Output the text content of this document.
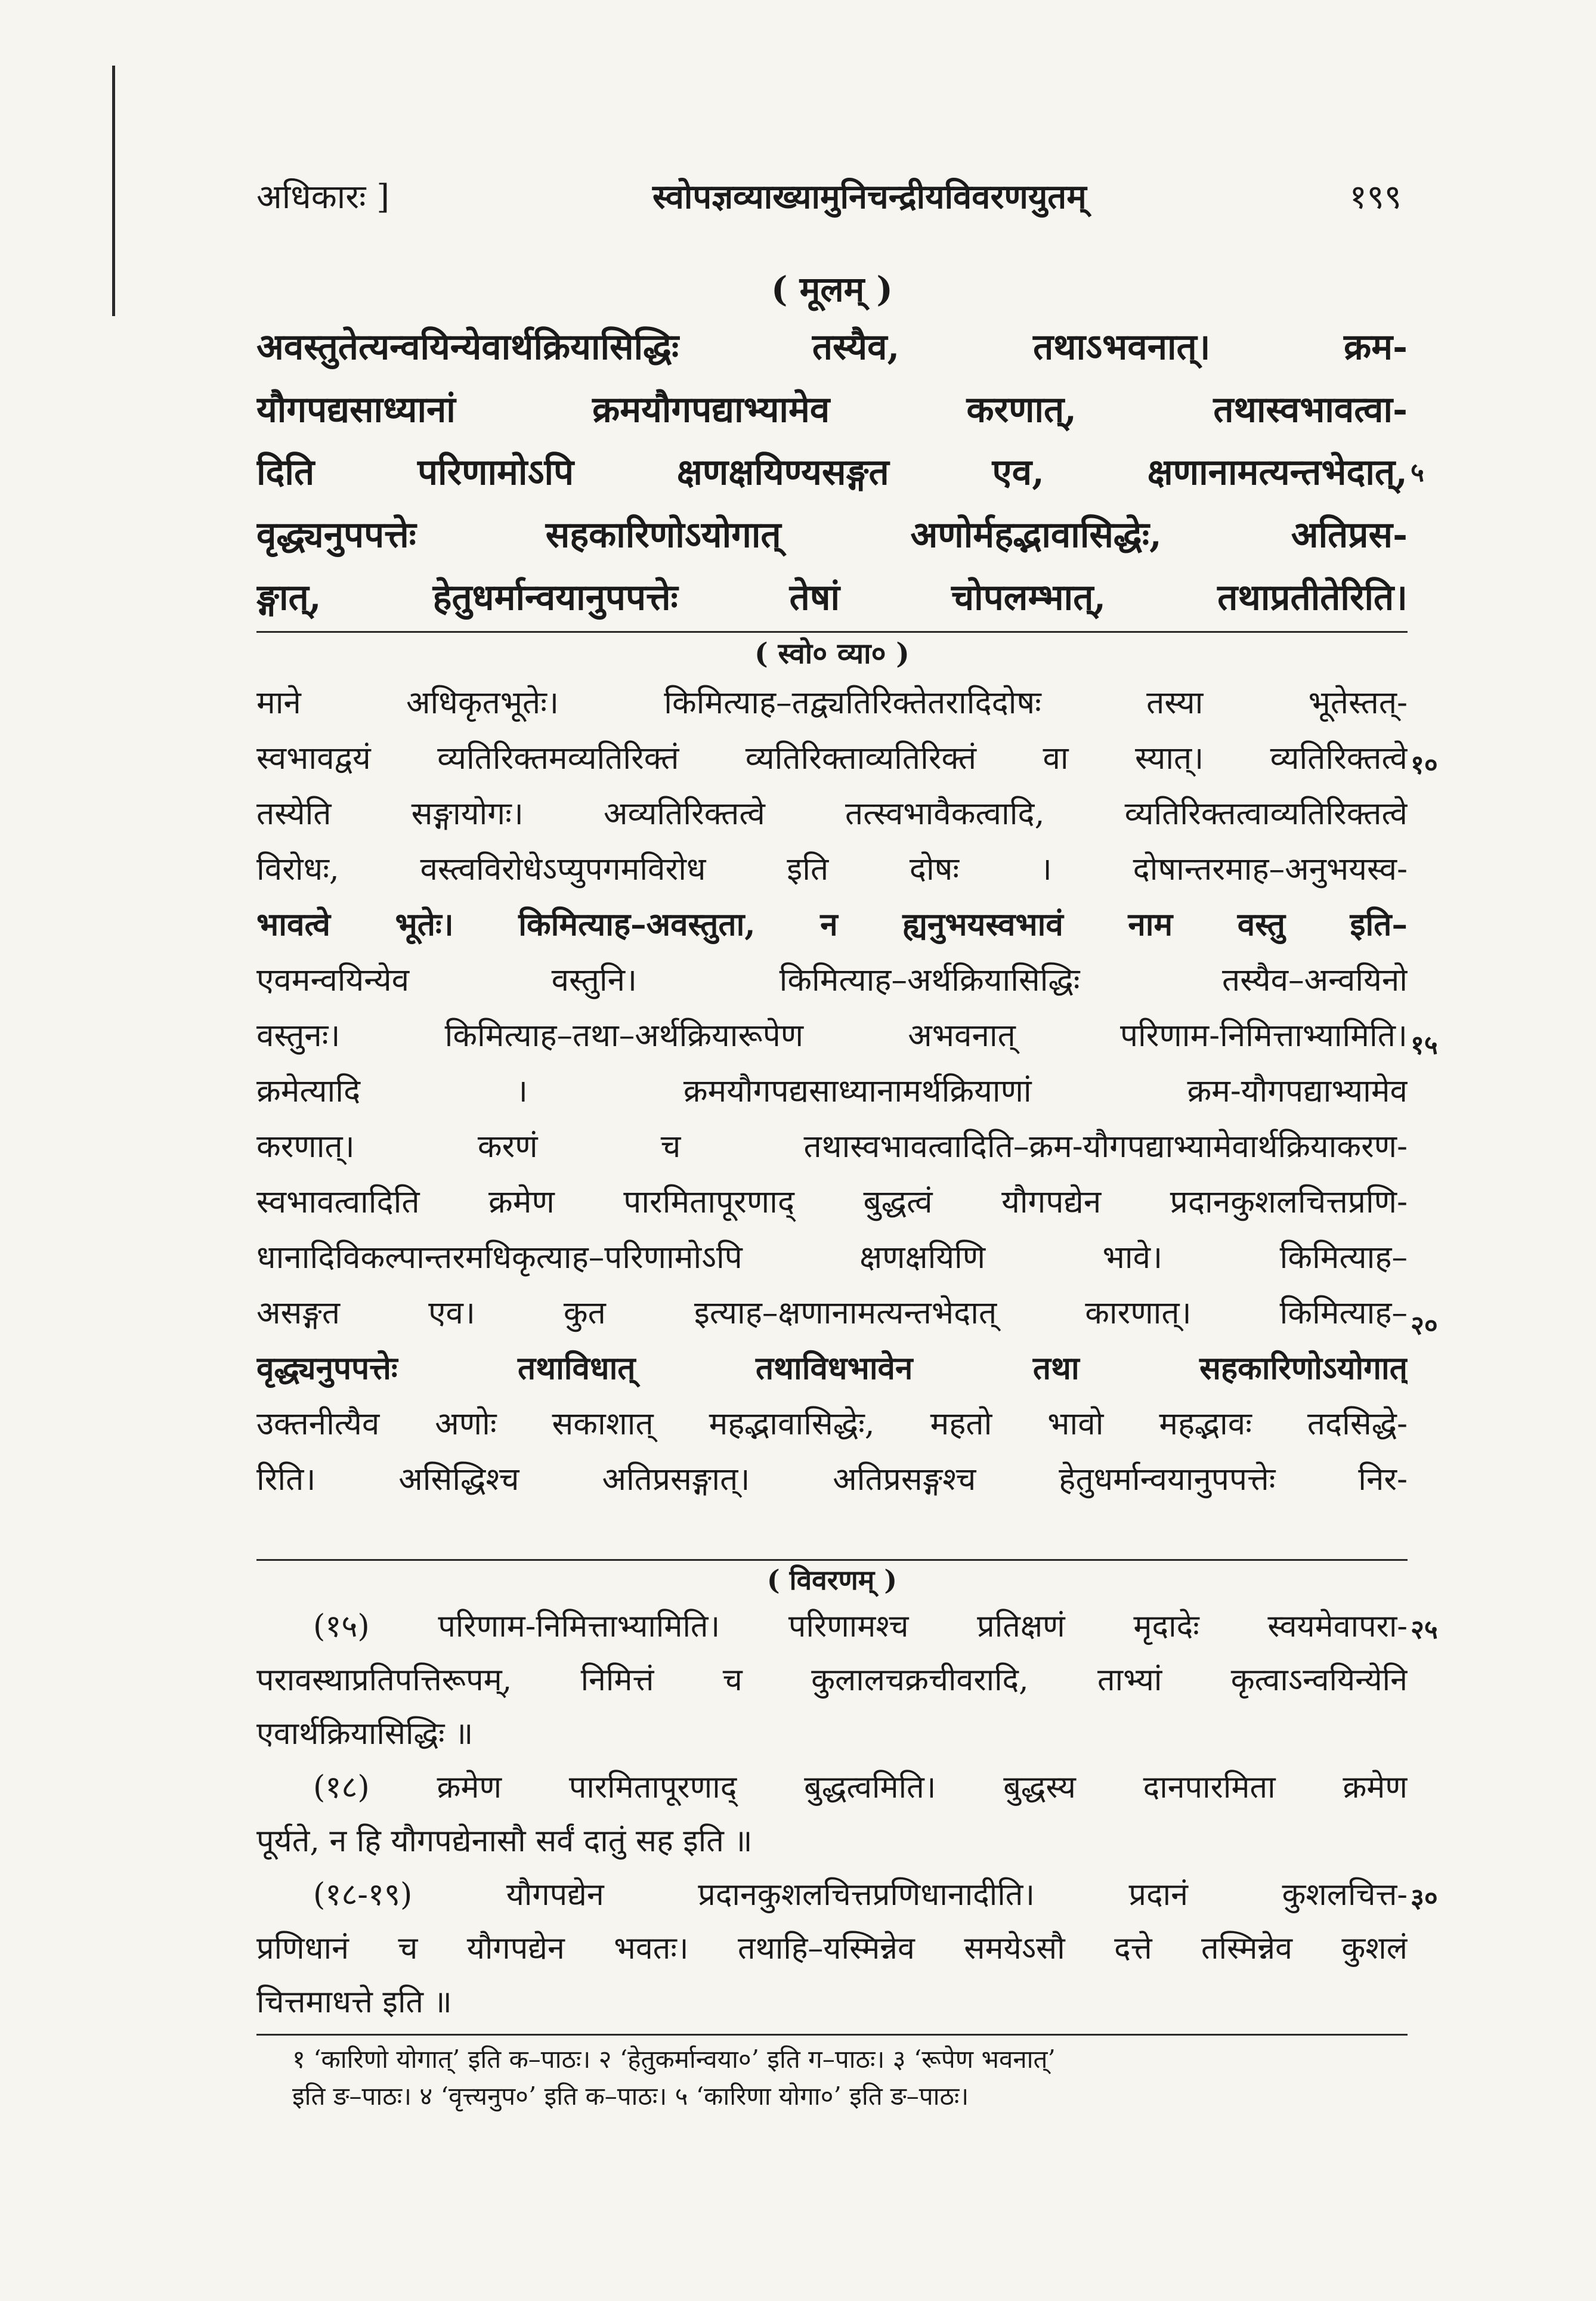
अधिकारः ]	स्वोपज्ञव्याख्यामुनिचन्द्रीयविवरणयुतम्	१९९
( मूलम् )
अवस्तुतेत्यन्वयिन्येवार्थक्रियासिद्धिः तस्यैव, तथाऽभवनात्। क्रम-
यौगपद्यसाध्यानां क्रमयौगपद्याभ्यामेव करणात्, तथास्वभावत्वा-
दिति परिणामोऽपि क्षणक्षयिण्यसङ्गत एव, क्षणानामत्यन्तभेदात्,
वृद्ध्यनुपपत्तेः सहकारिणोऽयोगात् अणोर्महद्भावासिद्धेः, अतिप्रस-
ङ्गात्, हेतुधर्मान्वयानुपपत्तेः तेषां चोपलम्भात्, तथाप्रतीतेरिति।
५
( स्वो० व्या० )
माने अधिकृतभूतेः। किमित्याह–तद्व्यतिरिक्तेतरादिदोषः तस्या भूतेस्तत्-
स्वभावद्वयं व्यतिरिक्तमव्यतिरिक्तं व्यतिरिक्ताव्यतिरिक्तं वा स्यात्। व्यतिरिक्तत्वे
तस्येति सङ्गायोगः। अव्यतिरिक्तत्वे तत्स्वभावैकत्वादि, व्यतिरिक्तत्वाव्यतिरिक्तत्वे
विरोधः, वस्त्वविरोधेऽप्युपगमविरोध इति दोषः । दोषान्तरमाह–अनुभयस्व-
भावत्वे भूतेः। किमित्याह–अवस्तुता, न ह्यनुभयस्वभावं नाम वस्तु इति–
एवमन्वयिन्येव वस्तुनि। किमित्याह–अर्थक्रियासिद्धिः तस्यैव–अन्वयिनो
वस्तुनः। किमित्याह–तथा–अर्थक्रियारूपेण अभवनात् परिणाम-निमित्ताभ्यामिति।
क्रमेत्यादि । क्रमयौगपद्यसाध्यानामर्थक्रियाणां क्रम-यौगपद्याभ्यामेव
करणात्। करणं च तथास्वभावत्वादिति–क्रम-यौगपद्याभ्यामेवार्थक्रियाकरण-
स्वभावत्वादिति क्रमेण पारमितापूरणाद् बुद्धत्वं यौगपद्येन प्रदानकुशलचित्तप्रणि-
धानादिविकल्पान्तरमधिकृत्याह–परिणामोऽपि क्षणक्षयिणि भावे। किमित्याह–
असङ्गत एव। कुत इत्याह–क्षणानामत्यन्तभेदात् कारणात्। किमित्याह–
वृद्ध्यनुपपत्तेः तथाविधात् तथाविधभावेन तथा सहकारिणोऽयोगात्
उक्तनीत्यैव अणोः सकाशात् महद्भावासिद्धेः, महतो भावो महद्भावः तदसिद्धे-
रिति। असिद्धिश्च अतिप्रसङ्गात्। अतिप्रसङ्गश्च हेतुधर्मान्वयानुपपत्तेः निर-
१०
१५
२०
( विवरणम् )
(१५) परिणाम-निमित्ताभ्यामिति। परिणामश्च प्रतिक्षणं मृदादेः स्वयमेवापरा-
परावस्थाप्रतिपत्तिरूपम्, निमित्तं च कुलालचक्रचीवरादि, ताभ्यां कृत्वाऽन्वयिन्येनि
एवार्थक्रियासिद्धिः ॥
(१८) क्रमेण पारमितापूरणाद् बुद्धत्वमिति। बुद्धस्य दानपारमिता क्रमेण
पूर्यते, न हि यौगपद्येनासौ सर्वं दातुं सह इति ॥
(१८-१९) यौगपद्येन प्रदानकुशलचित्तप्रणिधानादीति। प्रदानं कुशलचित्त-
प्रणिधानं च यौगपद्येन भवतः। तथाहि–यस्मिन्नेव समयेऽसौ दत्ते तस्मिन्नेव कुशलं
चित्तमाधत्ते इति ॥
२५
३०
१ ‘कारिणो योगात्’ इति क–पाठः। २ ‘हेतुकर्मान्वया०’ इति ग–पाठः। ३ ‘रूपेण भवनात्’
इति ङ–पाठः। ४ ‘वृत्त्यनुप०’ इति क–पाठः। ५ ‘कारिणा योगा०’ इति ङ–पाठः।
